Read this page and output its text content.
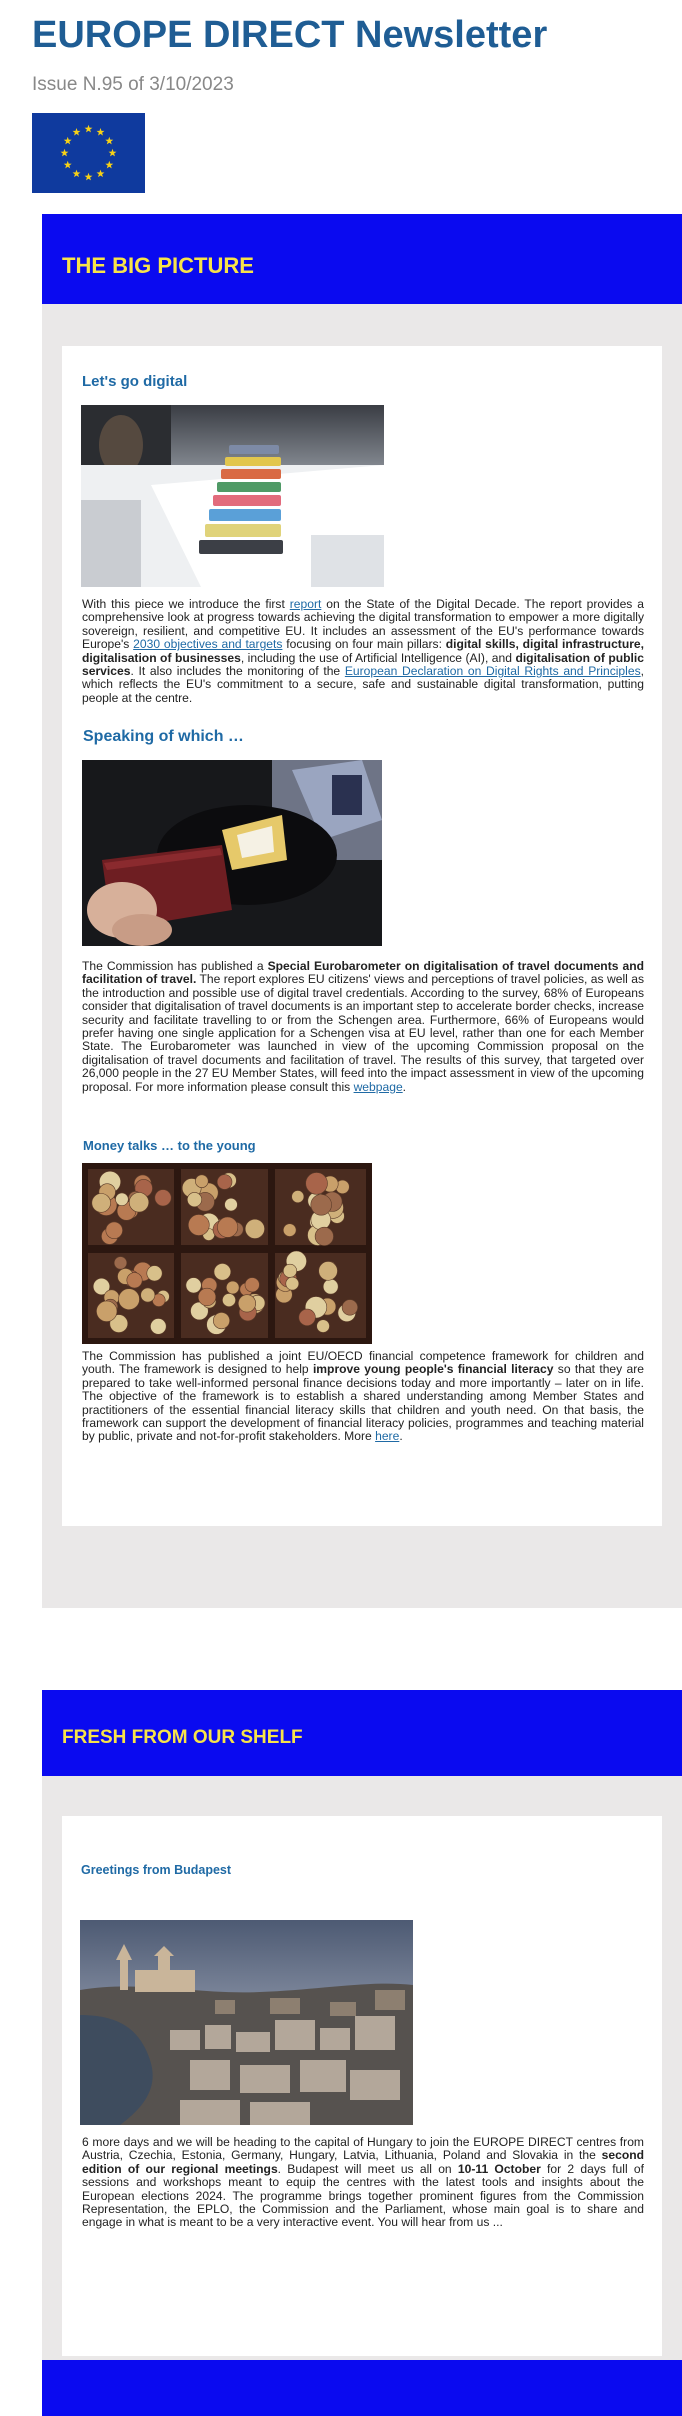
EUROPE DIRECT Newsletter
Issue N.95 of 3/10/2023
THE BIG PICTURE
Let's go digital

With this piece we introduce the first report on the State of the Digital Decade. The report provides a comprehensive look at progress towards achieving the digital transformation to empower a more digitally sovereign, resilient, and competitive EU. It includes an assessment of the EU's performance towards Europe's 2030 objectives and targets focusing on four main pillars: digital skills, digital infrastructure, digitalisation of businesses, including the use of Artificial Intelligence (AI), and digitalisation of public services. It also includes the monitoring of the European Declaration on Digital Rights and Principles, which reflects the EU's commitment to a secure, safe and sustainable digital transformation, putting people at the centre.

Speaking of which …

The Commission has published a Special Eurobarometer on digitalisation of travel documents and facilitation of travel. The report explores EU citizens' views and perceptions of travel policies, as well as the introduction and possible use of digital travel credentials. According to the survey, 68% of Europeans consider that digitalisation of travel documents is an important step to accelerate border checks, increase security and facilitate travelling to or from the Schengen area. Furthermore, 66% of Europeans would prefer having one single application for a Schengen visa at EU level, rather than one for each Member State. The Eurobarometer was launched in view of the upcoming Commission proposal on the digitalisation of travel documents and facilitation of travel. The results of this survey, that targeted over 26,000 people in the 27 EU Member States, will feed into the impact assessment in view of the upcoming proposal. For more information please consult this webpage.

Money talks … to the young

The Commission has published a joint EU/OECD financial competence framework for children and youth. The framework is designed to help improve young people's financial literacy so that they are prepared to take well-informed personal finance decisions today and more importantly – later on in life. The objective of the framework is to establish a shared understanding among Member States and practitioners of the essential financial literacy skills that children and youth need. On that basis, the framework can support the development of financial literacy policies, programmes and teaching material by public, private and not-for-profit stakeholders. More here.

FRESH FROM OUR SHELF
Greetings from Budapest

6 more days and we will be heading to the capital of Hungary to join the EUROPE DIRECT centres from Austria, Czechia, Estonia, Germany, Hungary, Latvia, Lithuania, Poland and Slovakia in the second edition of our regional meetings. Budapest will meet us all on 10-11 October for 2 days full of sessions and workshops meant to equip the centres with the latest tools and insights about the European elections 2024. The programme brings together prominent figures from the Commission Representation, the EPLO, the Commission and the Parliament, whose main goal is to share and engage in what is meant to be a very interactive event. You will hear from us ...
